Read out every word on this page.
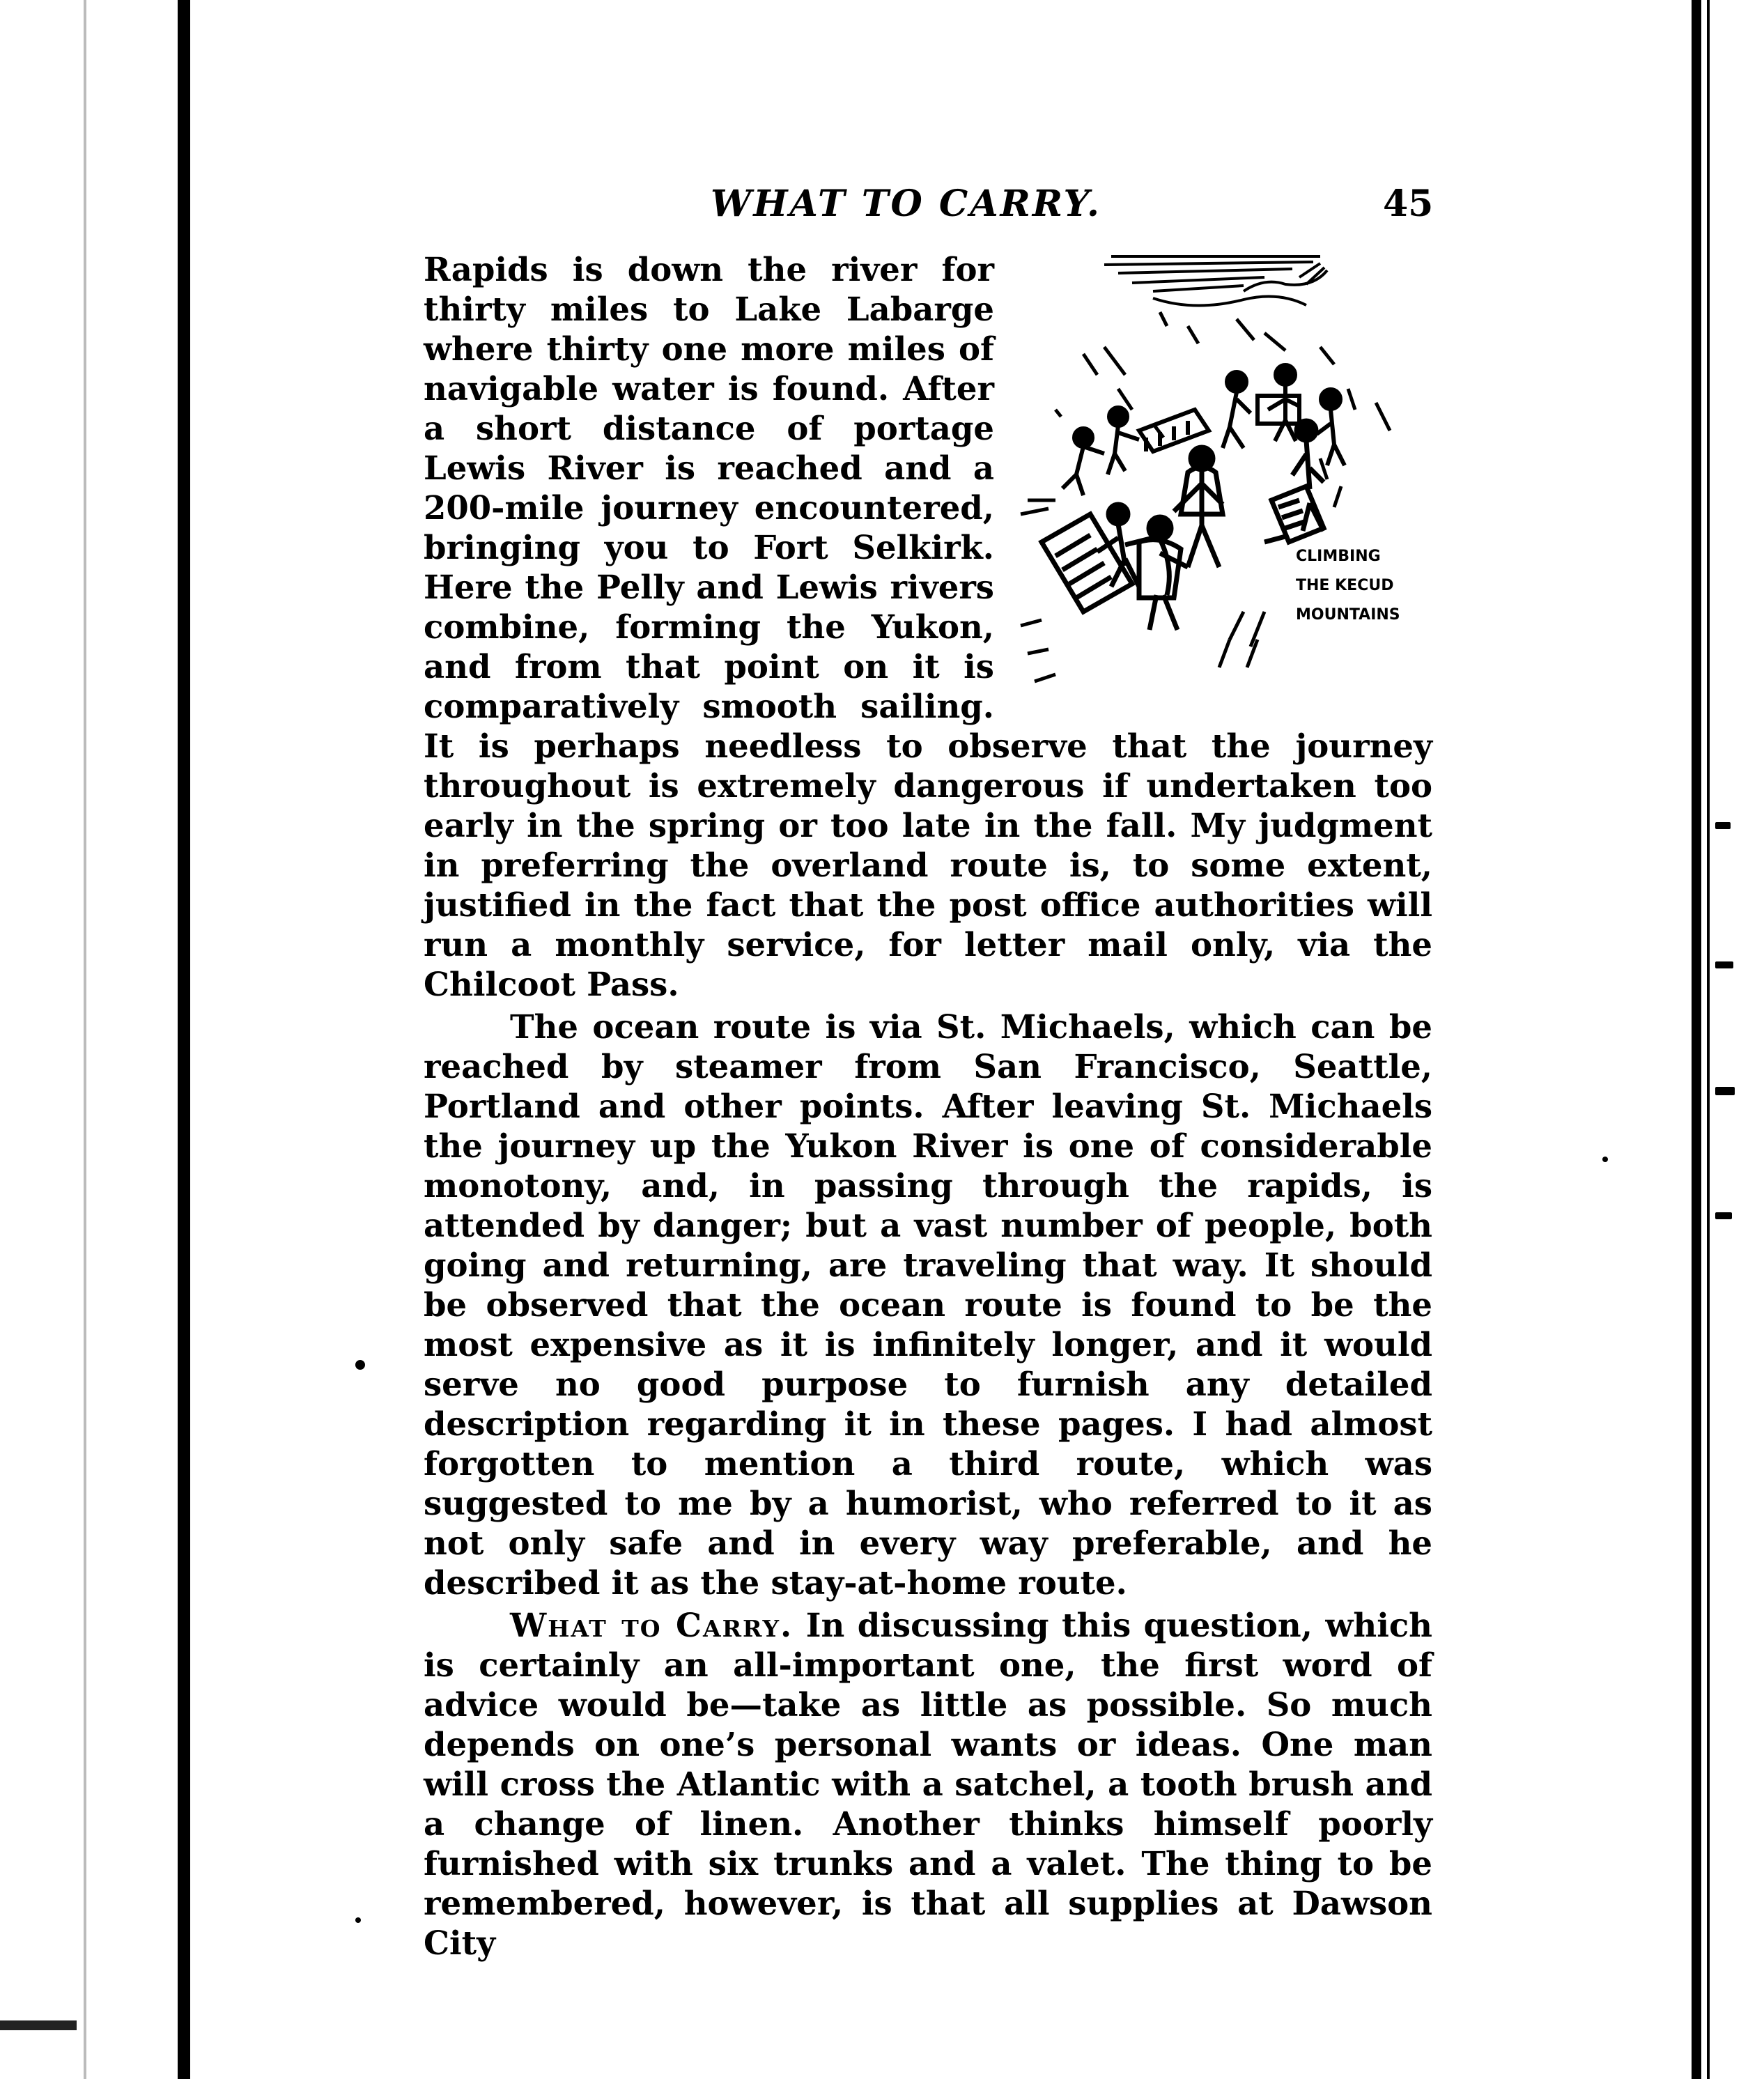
WHAT TO CARRY.	45
CLIMBING
THE KECUD
MOUNTAINS

Rapids is down the river for thirty miles to Lake Labarge where thirty one more miles of navigable water is found. After a short distance of portage Lewis River is reached and a 200-mile journey encountered, bringing you to Fort Selkirk. Here the Pelly and Lewis rivers combine, forming the Yukon, and from that point on it is comparatively smooth sailing. It is perhaps needless to observe that the journey throughout is extremely dangerous if undertaken too early in the spring or too late in the fall. My judgment in preferring the overland route is, to some extent, justified in the fact that the post office authorities will run a monthly service, for letter mail only, via the Chilcoot Pass.

The ocean route is via St. Michaels, which can be reached by steamer from San Francisco, Seattle, Portland and other points. After leaving St. Michaels the journey up the Yukon River is one of considerable monotony, and, in passing through the rapids, is attended by danger; but a vast number of people, both going and returning, are traveling that way. It should be observed that the ocean route is found to be the most expensive as it is infinitely longer, and it would serve no good purpose to furnish any detailed description regarding it in these pages. I had almost forgotten to mention a third route, which was suggested to me by a humorist, who referred to it as not only safe and in every way preferable, and he described it as the stay-at-home route.

What to Carry. In discussing this question, which is certainly an all-important one, the first word of advice would be—take as little as possible. So much depends on one’s personal wants or ideas. One man will cross the Atlantic with a satchel, a tooth brush and a change of linen. Another thinks himself poorly furnished with six trunks and a valet. The thing to be remembered, however, is that all supplies at Dawson City
